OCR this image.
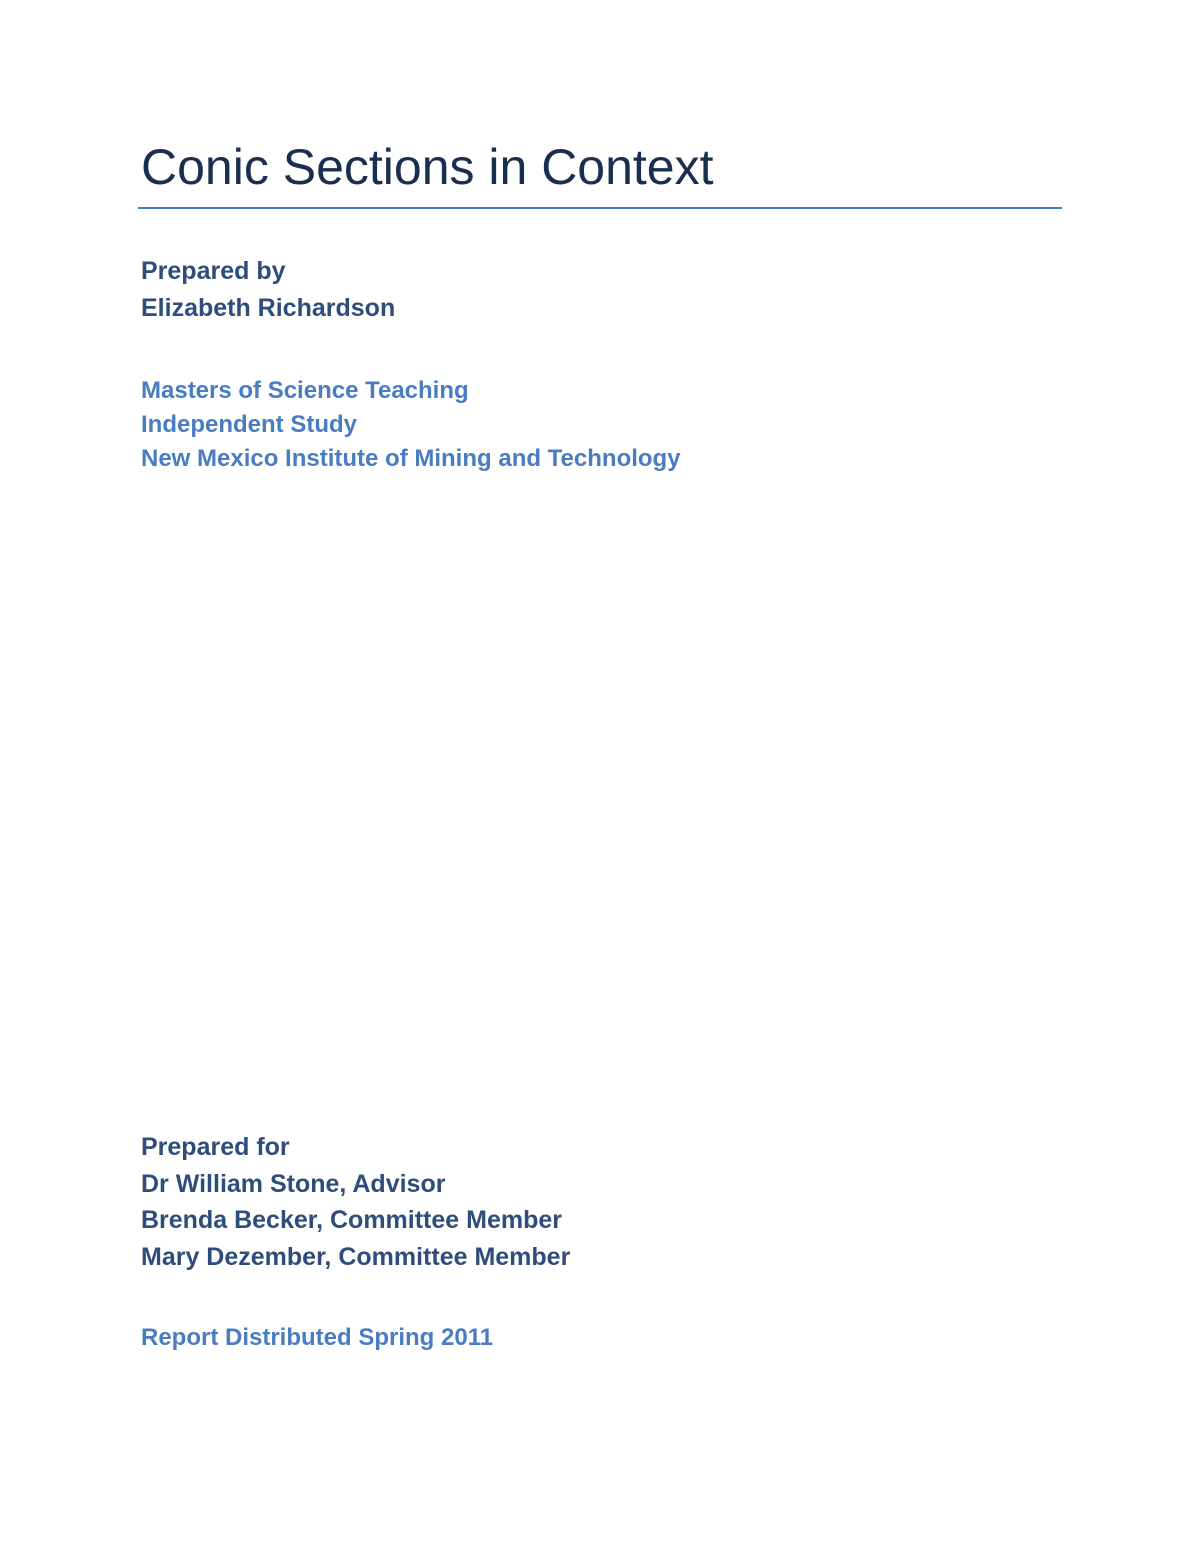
Conic Sections in Context
Prepared by
Elizabeth Richardson
Masters of Science Teaching
Independent Study
New Mexico Institute of Mining and Technology
Prepared for
Dr William Stone, Advisor
Brenda Becker, Committee Member
Mary Dezember, Committee Member
Report Distributed Spring 2011
